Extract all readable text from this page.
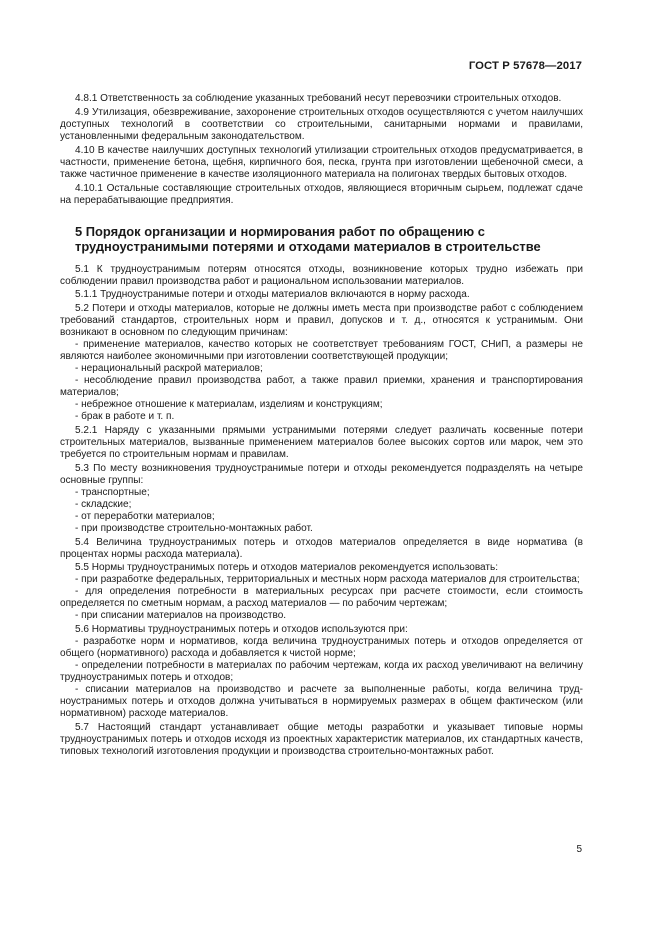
ГОСТ Р 57678—2017

4.8.1 Ответственность за соблюдение указанных требований несут перевозчики строительных отходов.

4.9 Утилизация, обезвреживание, захоронение строительных отходов осуществляются с учетом наилучших доступных технологий в соответствии со строительными, санитарными нормами и правилами, установленными федеральным законодательством.

4.10 В качестве наилучших доступных технологий утилизации строительных отходов предусматривается, в частности, применение бетона, щебня, кирпичного боя, песка, грунта при изготовлении щебеночной смеси, а также частичное применение в качестве изоляционного материала на полигонах твердых бытовых отходов.

4.10.1 Остальные составляющие строительных отходов, являющиеся вторичным сырьем, подлежат сдаче на перерабатывающие предприятия.

5 Порядок организации и нормирования работ по обращению с трудноустранимыми потерями и отходами материалов в строительстве

5.1 К трудноустранимым потерям относятся отходы, возникновение которых трудно избежать при соблюдении правил производства работ и рациональном использовании материалов.

5.1.1 Трудноустранимые потери и отходы материалов включаются в норму расхода.

5.2 Потери и отходы материалов, которые не должны иметь места при производстве работ с соблюдением требований стандартов, строительных норм и правил, допусков и т. д., относятся к устранимым. Они возникают в основном по следующим причинам:

- применение материалов, качество которых не соответствует требованиям ГОСТ, СНиП, а размеры не являются наиболее экономичными при изготовлении соответствующей продукции;

- нерациональный раскрой материалов;

- несоблюдение правил производства работ, а также правил приемки, хранения и транспортирования материалов;

- небрежное отношение к материалам, изделиям и конструкциям;

- брак в работе и т. п.

5.2.1 Наряду с указанными прямыми устранимыми потерями следует различать косвенные потери строительных материалов, вызванные применением материалов более высоких сортов или марок, чем это требуется по строительным нормам и правилам.

5.3 По месту возникновения трудноустранимые потери и отходы рекомендуется подразделять на четыре основные группы:

- транспортные;

- складские;

- от переработки материалов;

- при производстве строительно-монтажных работ.

5.4 Величина трудноустранимых потерь и отходов материалов определяется в виде норматива (в процентах нормы расхода материала).

5.5 Нормы трудноустранимых потерь и отходов материалов рекомендуется использовать:

- при разработке федеральных, территориальных и местных норм расхода материалов для строительства;

- для определения потребности в материальных ресурсах при расчете стоимости, если стоимость определяется по сметным нормам, а расход материалов — по рабочим чертежам;

- при списании материалов на производство.

5.6 Нормативы трудноустранимых потерь и отходов используются при:

- разработке норм и нормативов, когда величина трудноустранимых потерь и отходов определяется от общего (нормативного) расхода и добавляется к чистой норме;

- определении потребности в материалах по рабочим чертежам, когда их расход увеличивают на величину трудноустранимых потерь и отходов;

- списании материалов на производство и расчете за выполненные работы, когда величина трудноустранимых потерь и отходов должна учитываться в нормируемых размерах в общем фактическом (или нормативном) расходе материалов.

5.7 Настоящий стандарт устанавливает общие методы разработки и указывает типовые нормы трудноустранимых потерь и отходов исходя из проектных характеристик материалов, их стандартных качеств, типовых технологий изготовления продукции и производства строительно-монтажных работ.

5
